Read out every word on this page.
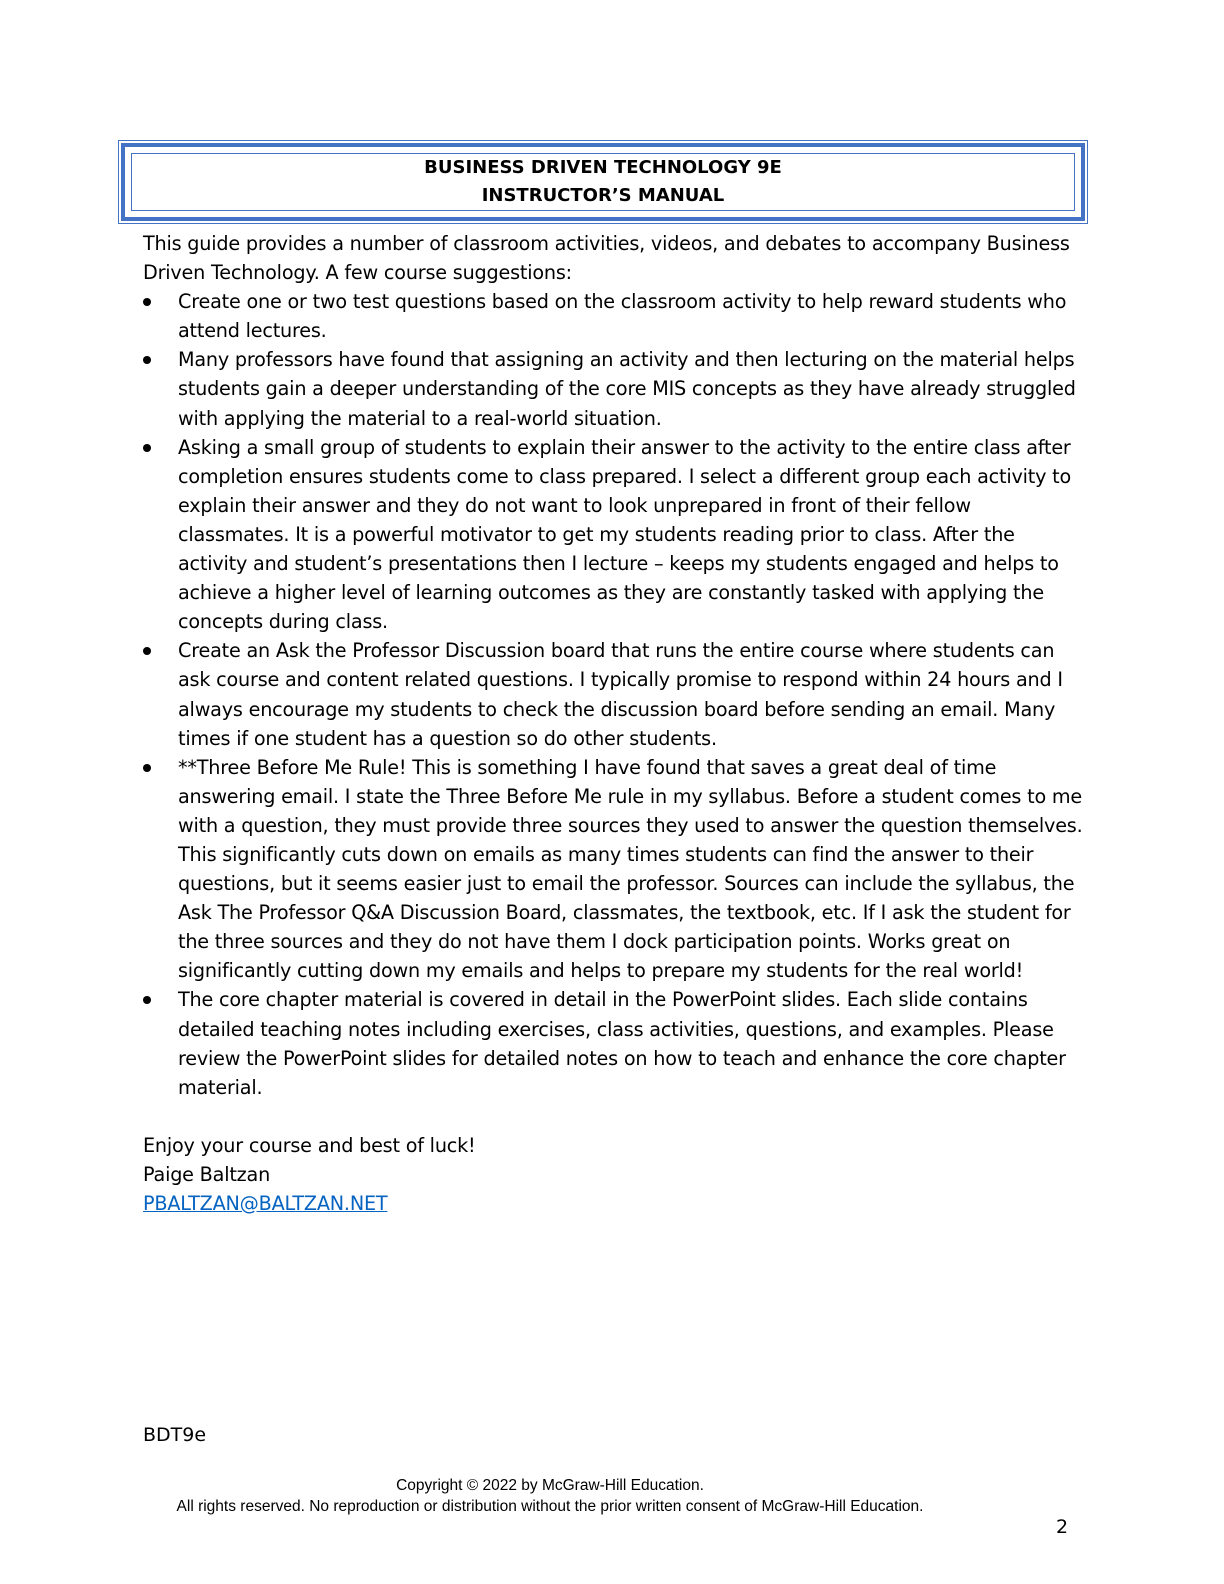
BUSINESS DRIVEN TECHNOLOGY 9E
INSTRUCTOR’S MANUAL

This guide provides a number of classroom activities, videos, and debates to accompany Business Driven Technology. A few course suggestions:

Create one or two test questions based on the classroom activity to help reward students who attend lectures.
Many professors have found that assigning an activity and then lecturing on the material helps students gain a deeper understanding of the core MIS concepts as they have already struggled with applying the material to a real-world situation.
Asking a small group of students to explain their answer to the activity to the entire class after completion ensures students come to class prepared. I select a different group each activity to explain their answer and they do not want to look unprepared in front of their fellow classmates. It is a powerful motivator to get my students reading prior to class. After the activity and student’s presentations then I lecture – keeps my students engaged and helps to achieve a higher level of learning outcomes as they are constantly tasked with applying the concepts during class.
Create an Ask the Professor Discussion board that runs the entire course where students can ask course and content related questions. I typically promise to respond within 24 hours and I always encourage my students to check the discussion board before sending an email. Many times if one student has a question so do other students.
**Three Before Me Rule! This is something I have found that saves a great deal of time answering email. I state the Three Before Me rule in my syllabus. Before a student comes to me with a question, they must provide three sources they used to answer the question themselves. This significantly cuts down on emails as many times students can find the answer to their questions, but it seems easier just to email the professor. Sources can include the syllabus, the Ask The Professor Q&A Discussion Board, classmates, the textbook, etc. If I ask the student for the three sources and they do not have them I dock participation points. Works great on significantly cutting down my emails and helps to prepare my students for the real world!
The core chapter material is covered in detail in the PowerPoint slides. Each slide contains detailed teaching notes including exercises, class activities, questions, and examples. Please review the PowerPoint slides for detailed notes on how to teach and enhance the core chapter material.
Enjoy your course and best of luck!
Paige Baltzan
PBALTZAN@BALTZAN.NET
BDT9e
Copyright © 2022 by McGraw-Hill Education.
All rights reserved. No reproduction or distribution without the prior written consent of McGraw-Hill Education.
2
